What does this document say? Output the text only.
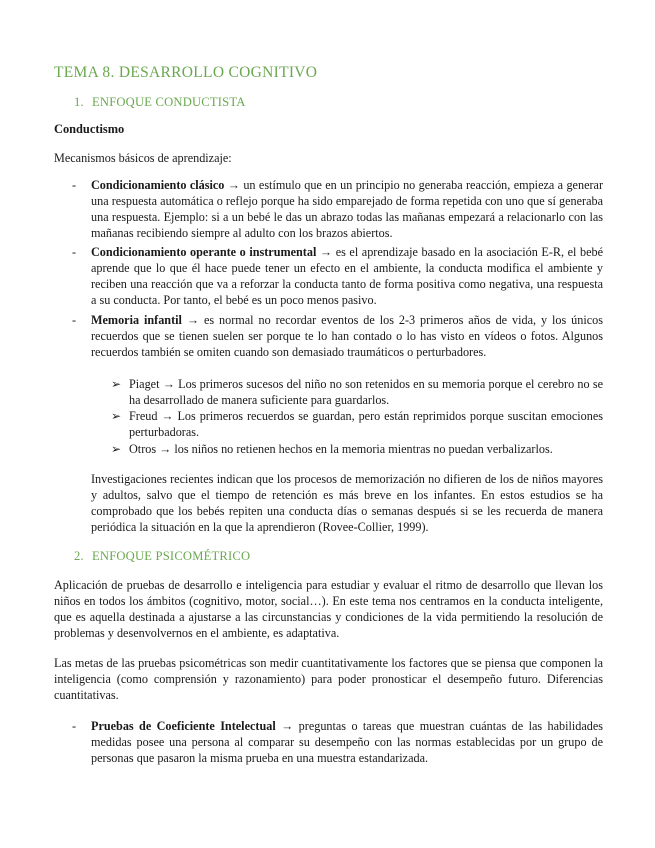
TEMA 8. DESARROLLO COGNITIVO
1. ENFOQUE CONDUCTISTA
Conductismo

Mecanismos básicos de aprendizaje:

- Condicionamiento clásico → un estímulo que en un principio no generaba reacción, empieza a generar una respuesta automática o reflejo porque ha sido emparejado de forma repetida con uno que sí generaba una respuesta. Ejemplo: si a un bebé le das un abrazo todas las mañanas empezará a relacionarlo con las mañanas recibiendo siempre al adulto con los brazos abiertos.

- Condicionamiento operante o instrumental → es el aprendizaje basado en la asociación E-R, el bebé aprende que lo que él hace puede tener un efecto en el ambiente, la conducta modifica el ambiente y reciben una reacción que va a reforzar la conducta tanto de forma positiva como negativa, una respuesta a su conducta. Por tanto, el bebé es un poco menos pasivo.

- Memoria infantil → es normal no recordar eventos de los 2-3 primeros años de vida, y los únicos recuerdos que se tienen suelen ser porque te lo han contado o lo has visto en vídeos o fotos. Algunos recuerdos también se omiten cuando son demasiado traumáticos o perturbadores.

➢ Piaget → Los primeros sucesos del niño no son retenidos en su memoria porque el cerebro no se ha desarrollado de manera suficiente para guardarlos.

➢ Freud → Los primeros recuerdos se guardan, pero están reprimidos porque suscitan emociones perturbadoras.

➢ Otros → los niños no retienen hechos en la memoria mientras no puedan verbalizarlos.

Investigaciones recientes indican que los procesos de memorización no difieren de los de niños mayores y adultos, salvo que el tiempo de retención es más breve en los infantes. En estos estudios se ha comprobado que los bebés repiten una conducta días o semanas después si se les recuerda de manera periódica la situación en la que la aprendieron (Rovee-Collier, 1999).

2. ENFOQUE PSICOMÉTRICO

Aplicación de pruebas de desarrollo e inteligencia para estudiar y evaluar el ritmo de desarrollo que llevan los niños en todos los ámbitos (cognitivo, motor, social…). En este tema nos centramos en la conducta inteligente, que es aquella destinada a ajustarse a las circunstancias y condiciones de la vida permitiendo la resolución de problemas y desenvolvernos en el ambiente, es adaptativa.

Las metas de las pruebas psicométricas son medir cuantitativamente los factores que se piensa que componen la inteligencia (como comprensión y razonamiento) para poder pronosticar el desempeño futuro. Diferencias cuantitativas.

- Pruebas de Coeficiente Intelectual → preguntas o tareas que muestran cuántas de las habilidades medidas posee una persona al comparar su desempeño con las normas establecidas por un grupo de personas que pasaron la misma prueba en una muestra estandarizada.
